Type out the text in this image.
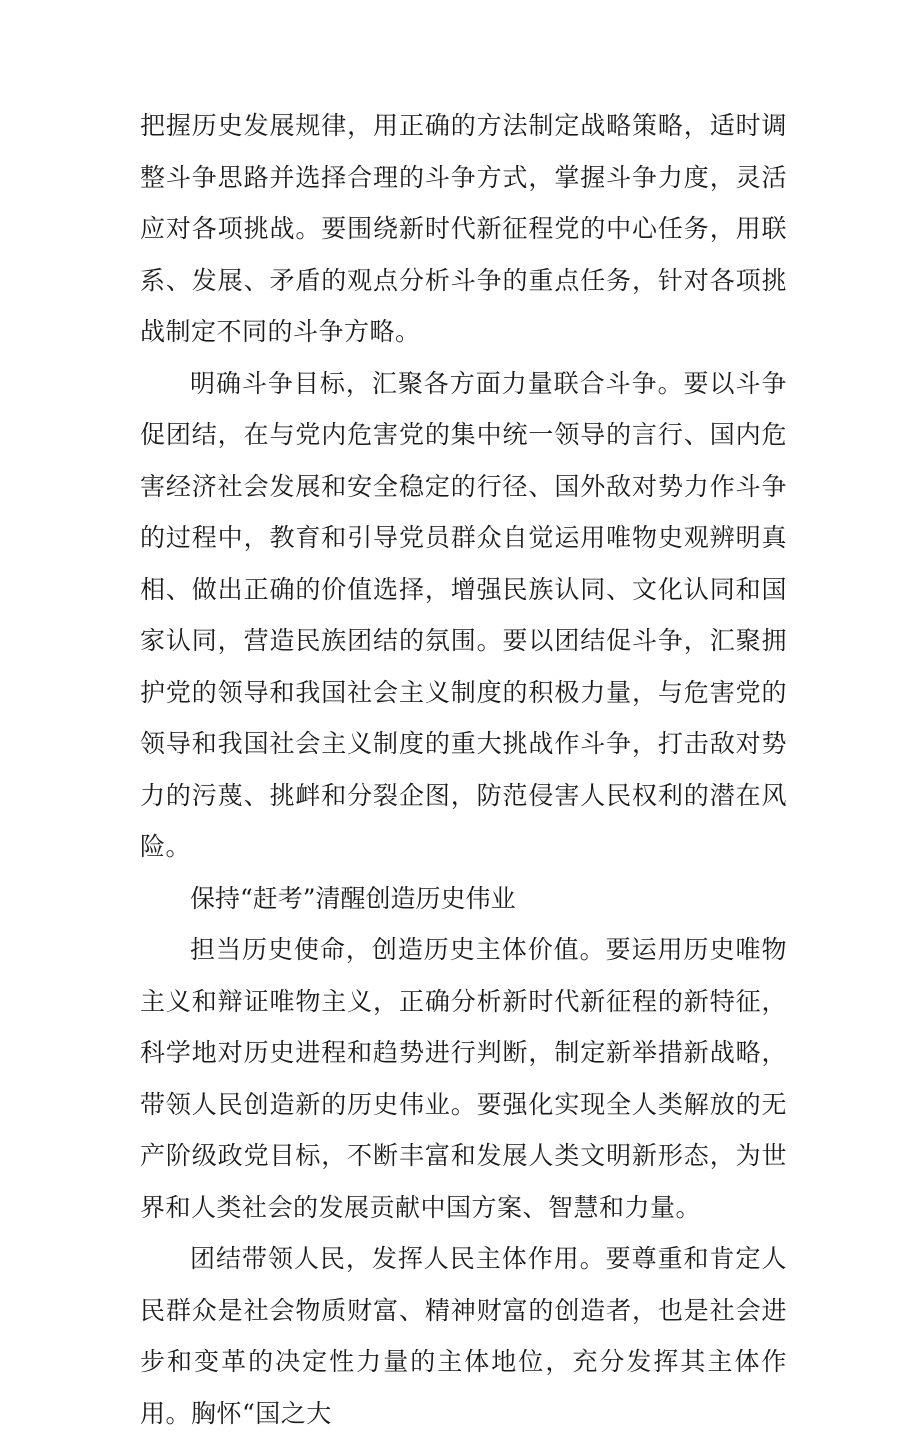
把握历史发展规律，用正确的方法制定战略策略，适时调整斗争思路并选择合理的斗争方式，掌握斗争力度，灵活应对各项挑战。要围绕新时代新征程党的中心任务，用联系、发展、矛盾的观点分析斗争的重点任务，针对各项挑战制定不同的斗争方略。

明确斗争目标，汇聚各方面力量联合斗争。要以斗争促团结，在与党内危害党的集中统一领导的言行、国内危害经济社会发展和安全稳定的行径、国外敌对势力作斗争的过程中，教育和引导党员群众自觉运用唯物史观辨明真相、做出正确的价值选择，增强民族认同、文化认同和国家认同，营造民族团结的氛围。要以团结促斗争，汇聚拥护党的领导和我国社会主义制度的积极力量，与危害党的领导和我国社会主义制度的重大挑战作斗争，打击敌对势力的污蔑、挑衅和分裂企图，防范侵害人民权利的潜在风险。

保持“赶考”清醒创造历史伟业

担当历史使命，创造历史主体价值。要运用历史唯物主义和辩证唯物主义，正确分析新时代新征程的新特征，科学地对历史进程和趋势进行判断，制定新举措新战略，带领人民创造新的历史伟业。要强化实现全人类解放的无产阶级政党目标，不断丰富和发展人类文明新形态，为世界和人类社会的发展贡献中国方案、智慧和力量。

团结带领人民，发挥人民主体作用。要尊重和肯定人民群众是社会物质财富、精神财富的创造者，也是社会进步和变革的决定性力量的主体地位，充分发挥其主体作用。胸怀“国之大
